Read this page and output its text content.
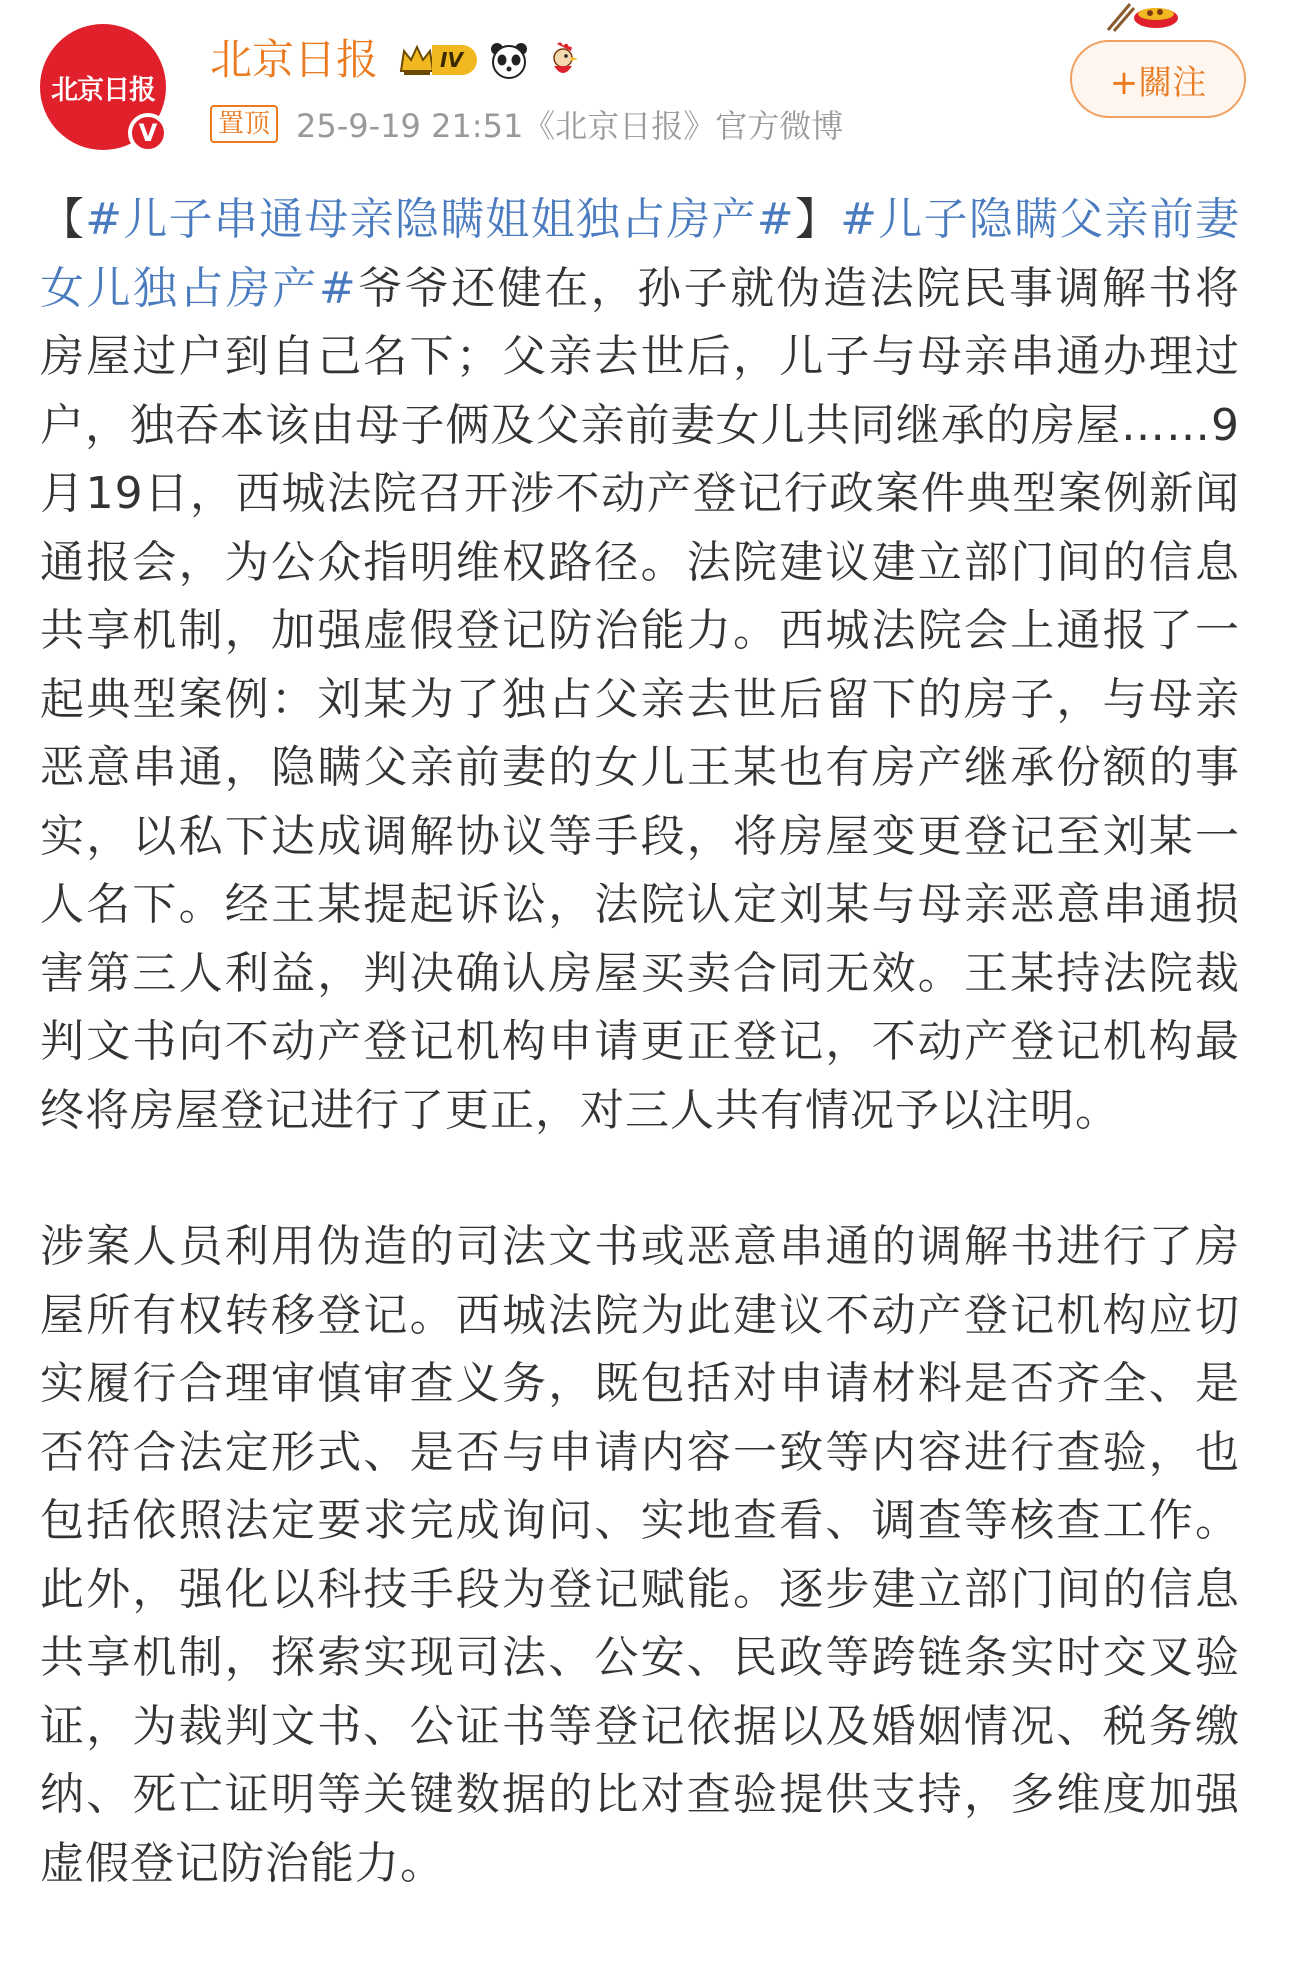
北京日报
V
北京日报	IV
置顶 25-9-19 21:51《北京日报》官方微博
+關注

【#儿子串通母亲隐瞒姐姐独占房产#】#儿子隐瞒父亲前妻女儿独占房产#爷爷还健在，孙子就伪造法院民事调解书将房屋过户到自己名下；父亲去世后，儿子与母亲串通办理过户，独吞本该由母子俩及父亲前妻女儿共同继承的房屋……9月19日，西城法院召开涉不动产登记行政案件典型案例新闻通报会，为公众指明维权路径。法院建议建立部门间的信息共享机制，加强虚假登记防治能力。西城法院会上通报了一起典型案例：刘某为了独占父亲去世后留下的房子，与母亲恶意串通，隐瞒父亲前妻的女儿王某也有房产继承份额的事实，以私下达成调解协议等手段，将房屋变更登记至刘某一人名下。经王某提起诉讼，法院认定刘某与母亲恶意串通损害第三人利益，判决确认房屋买卖合同无效。王某持法院裁判文书向不动产登记机构申请更正登记，不动产登记机构最终将房屋登记进行了更正，对三人共有情况予以注明。

涉案人员利用伪造的司法文书或恶意串通的调解书进行了房屋所有权转移登记。西城法院为此建议不动产登记机构应切实履行合理审慎审查义务，既包括对申请材料是否齐全、是否符合法定形式、是否与申请内容一致等内容进行查验，也包括依照法定要求完成询问、实地查看、调查等核查工作。此外，强化以科技手段为登记赋能。逐步建立部门间的信息共享机制，探索实现司法、公安、民政等跨链条实时交叉验证，为裁判文书、公证书等登记依据以及婚姻情况、税务缴纳、死亡证明等关键数据的比对查验提供支持，多维度加强虚假登记防治能力。
